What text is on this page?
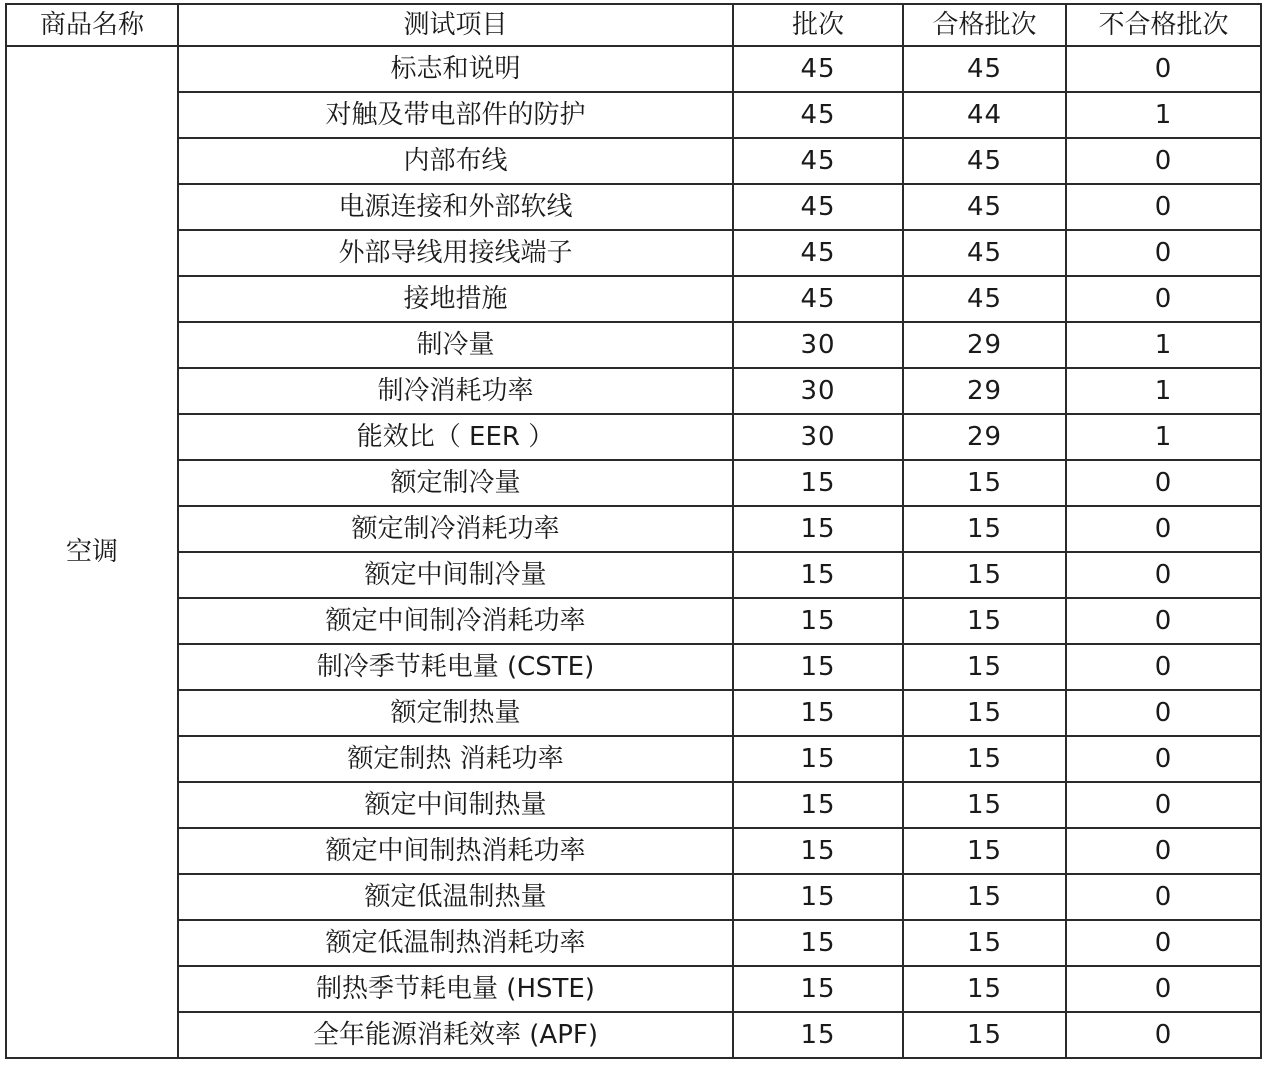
商品名称	测试项目	批次	合格批次	不合格批次
空调	标志和说明	45	45	0
	对触及带电部件的防护	45	44	1
	内部布线	45	45	0
	电源连接和外部软线	45	45	0
	外部导线用接线端子	45	45	0
	接地措施	45	45	0
	制冷量	30	29	1
	制冷消耗功率	30	29	1
	能效比（ EER ）	30	29	1
	额定制冷量	15	15	0
	额定制冷消耗功率	15	15	0
	额定中间制冷量	15	15	0
	额定中间制冷消耗功率	15	15	0
	制冷季节耗电量 (CSTE)	15	15	0
	额定制热量	15	15	0
	额定制热 消耗功率	15	15	0
	额定中间制热量	15	15	0
	额定中间制热消耗功率	15	15	0
	额定低温制热量	15	15	0
	额定低温制热消耗功率	15	15	0
	制热季节耗电量 (HSTE)	15	15	0
	全年能源消耗效率 (APF)	15	15	0
